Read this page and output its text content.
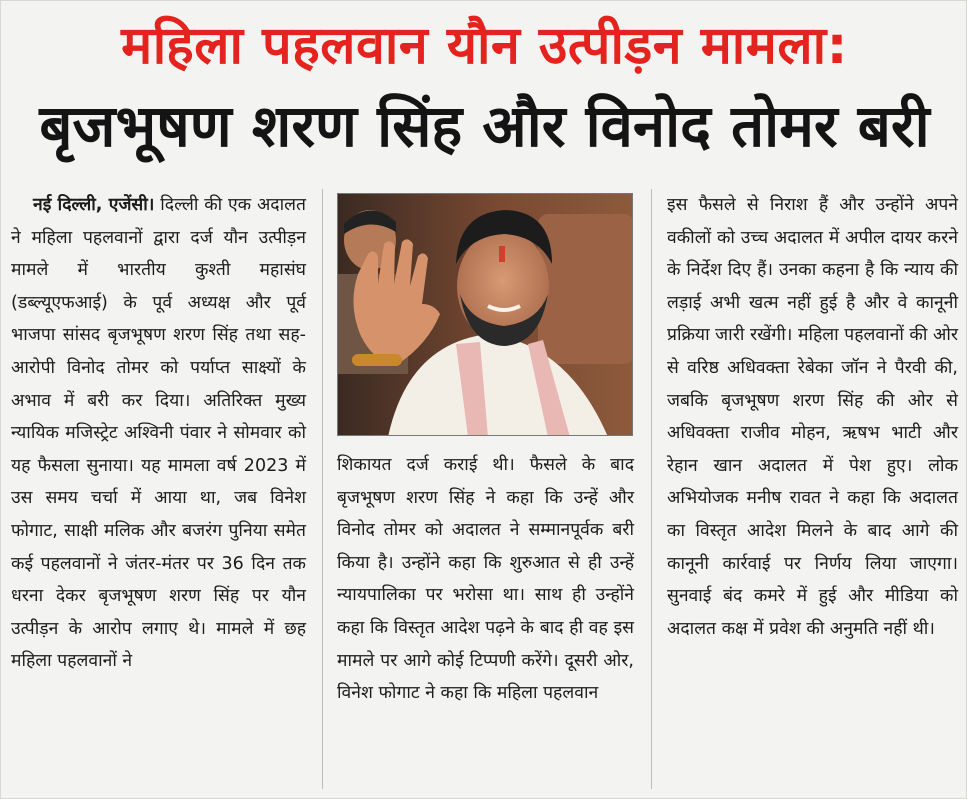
महिला पहलवान यौन उत्पीड़न मामला:
बृजभूषण शरण सिंह और विनोद तोमर बरी

नई दिल्ली, एजेंसी। दिल्ली की एक अदालत ने महिला पहलवानों द्वारा दर्ज यौन उत्पीड़न मामले में भारतीय कुश्ती महासंघ (डब्ल्यूएफआई) के पूर्व अध्यक्ष और पूर्व भाजपा सांसद बृजभूषण शरण सिंह तथा सह-आरोपी विनोद तोमर को पर्याप्त साक्ष्यों के अभाव में बरी कर दिया। अतिरिक्त मुख्य न्यायिक मजिस्ट्रेट अश्विनी पंवार ने सोमवार को यह फैसला सुनाया। यह मामला वर्ष 2023 में उस समय चर्चा में आया था, जब विनेश फोगाट, साक्षी मलिक और बजरंग पुनिया समेत कई पहलवानों ने जंतर-मंतर पर 36 दिन तक धरना देकर बृजभूषण शरण सिंह पर यौन उत्पीड़न के आरोप लगाए थे। मामले में छह महिला पहलवानों ने

शिकायत दर्ज कराई थी। फैसले के बाद बृजभूषण शरण सिंह ने कहा कि उन्हें और विनोद तोमर को अदालत ने सम्मानपूर्वक बरी किया है। उन्होंने कहा कि शुरुआत से ही उन्हें न्यायपालिका पर भरोसा था। साथ ही उन्होंने कहा कि विस्तृत आदेश पढ़ने के बाद ही वह इस मामले पर आगे कोई टिप्पणी करेंगे। दूसरी ओर, विनेश फोगाट ने कहा कि महिला पहलवान

इस फैसले से निराश हैं और उन्होंने अपने वकीलों को उच्च अदालत में अपील दायर करने के निर्देश दिए हैं। उनका कहना है कि न्याय की लड़ाई अभी खत्म नहीं हुई है और वे कानूनी प्रक्रिया जारी रखेंगी। महिला पहलवानों की ओर से वरिष्ठ अधिवक्ता रेबेका जॉन ने पैरवी की, जबकि बृजभूषण शरण सिंह की ओर से अधिवक्ता राजीव मोहन, ऋषभ भाटी और रेहान खान अदालत में पेश हुए। लोक अभियोजक मनीष रावत ने कहा कि अदालत का विस्तृत आदेश मिलने के बाद आगे की कानूनी कार्रवाई पर निर्णय लिया जाएगा। सुनवाई बंद कमरे में हुई और मीडिया को अदालत कक्ष में प्रवेश की अनुमति नहीं थी।
